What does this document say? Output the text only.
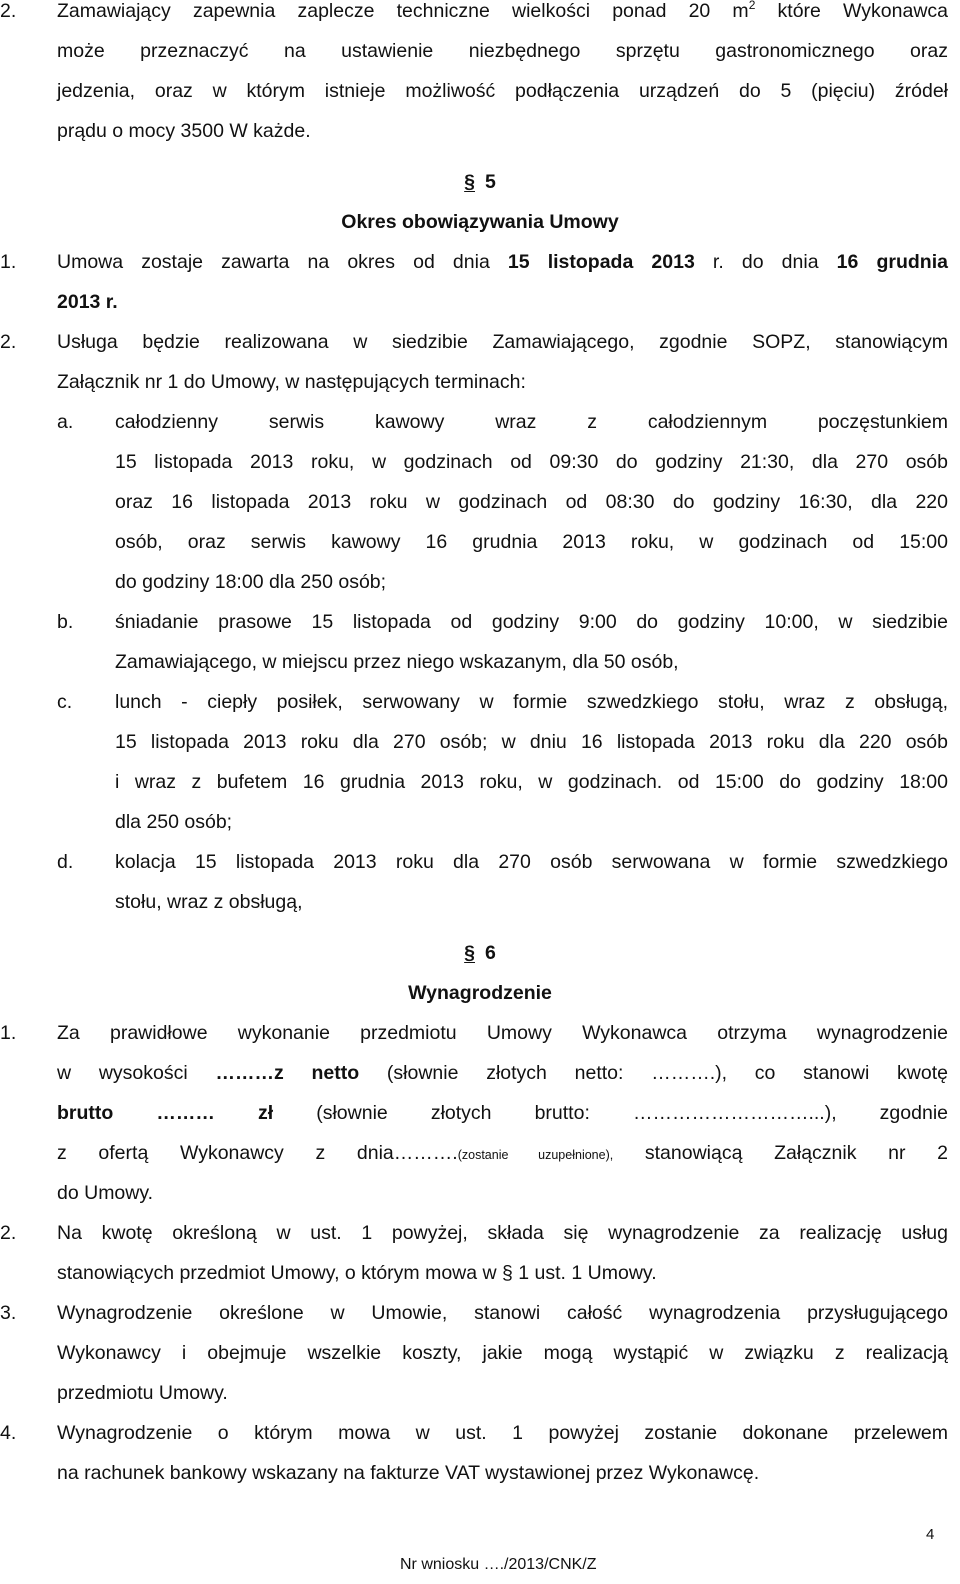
2. Zamawiający zapewnia zaplecze techniczne wielkości ponad 20 $m^2$ które Wykonawca
może przeznaczyć na ustawienie niezbędnego sprzętu gastronomicznego oraz
jedzenia, oraz w którym istnieje możliwość podłączenia urządzeń do 5 (pięciu) źródeł
prądu o mocy 3500 W każde.
§ 5
Okres obowiązywania Umowy
1. Umowa zostaje zawarta na okres od dnia 15 listopada 2013 r. do dnia 16 grudnia
2013 r.
2. Usługa będzie realizowana w siedzibie Zamawiającego, zgodnie SOPZ, stanowiącym
Załącznik nr 1 do Umowy, w następujących terminach:
a. całodzienny serwis kawowy wraz z całodziennym poczęstunkiem
15 listopada 2013 roku, w godzinach od 09:30 do godziny 21:30, dla 270 osób
oraz 16 listopada 2013 roku w godzinach od 08:30 do godziny 16:30, dla 220
osób, oraz serwis kawowy 16 grudnia 2013 roku, w godzinach od 15:00
do godziny 18:00 dla 250 osób;
b. śniadanie prasowe 15 listopada od godziny 9:00 do godziny 10:00, w siedzibie
Zamawiającego, w miejscu przez niego wskazanym, dla 50 osób,
c. lunch - ciepły posiłek, serwowany w formie szwedzkiego stołu, wraz z obsługą,
15 listopada 2013 roku dla 270 osób; w dniu 16 listopada 2013 roku dla 220 osób
i wraz z bufetem 16 grudnia 2013 roku, w godzinach. od 15:00 do godziny 18:00
dla 250 osób;
d. kolacja 15 listopada 2013 roku dla 270 osób serwowana w formie szwedzkiego
stołu, wraz z obsługą,
§ 6
Wynagrodzenie
1. Za prawidłowe wykonanie przedmiotu Umowy Wykonawca otrzyma wynagrodzenie
w wysokości ………z netto (słownie złotych netto: ……….), co stanowi kwotę
brutto ……… zł (słownie złotych brutto: ………………………...), zgodnie
z ofertą Wykonawcy z dnia……….(zostanie uzupełnione), stanowiącą Załącznik nr 2
do Umowy.
2. Na kwotę określoną w ust. 1 powyżej, składa się wynagrodzenie za realizację usług
stanowiących przedmiot Umowy, o którym mowa w § 1 ust. 1 Umowy.
3. Wynagrodzenie określone w Umowie, stanowi całość wynagrodzenia przysługującego
Wykonawcy i obejmuje wszelkie koszty, jakie mogą wystąpić w związku z realizacją
przedmiotu Umowy.
4. Wynagrodzenie o którym mowa w ust. 1 powyżej zostanie dokonane przelewem
na rachunek bankowy wskazany na fakturze VAT wystawionej przez Wykonawcę.
4
Nr wniosku …./2013/CNK/Z
